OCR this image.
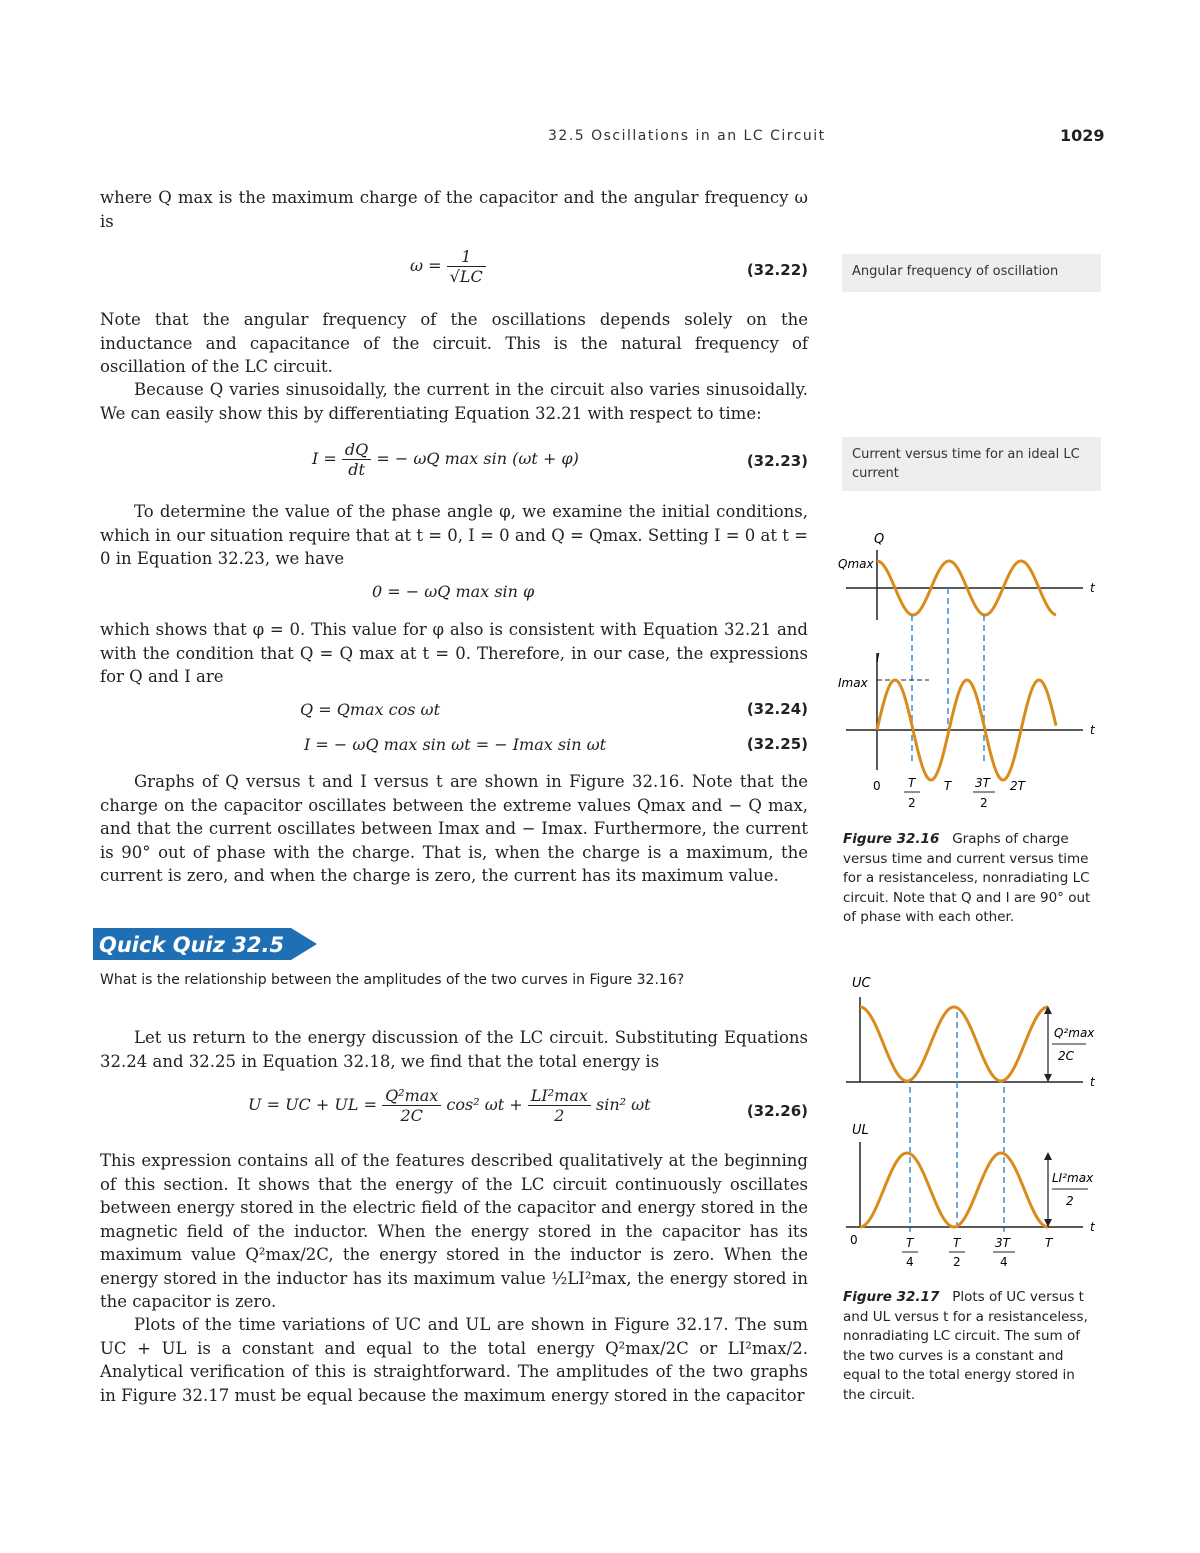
32.5 Oscillations in an LC Circuit	1029
where Q max is the maximum charge of the capacitor and the angular frequency ω is
$\omega = \frac{1}{√LC}$	(32.22)
Note that the angular frequency of the oscillations depends solely on the inductance and capacitance of the circuit. This is the natural frequency of oscillation of the LC circuit.
Because Q varies sinusoidally, the current in the circuit also varies sinusoidally. We can easily show this by differentiating Equation 32.21 with respect to time:
$I = \frac{dQ}{dt}$ = − ωQ max sin (ωt + φ)	(32.23)
To determine the value of the phase angle φ, we examine the initial conditions, which in our situation require that at t = 0, I = 0 and Q = Qmax. Setting I = 0 at t = 0 in Equation 32.23, we have
0 = − ωQ max sin φ
which shows that φ = 0. This value for φ also is consistent with Equation 32.21 and with the condition that Q = Q max at t = 0. Therefore, in our case, the expressions for Q and I are
Q = Qmax cos ωt	(32.24)
I = − ωQ max sin ωt = − Imax sin ωt	(32.25)
Graphs of Q versus t and I versus t are shown in Figure 32.16. Note that the charge on the capacitor oscillates between the extreme values Qmax and − Q max, and that the current oscillates between Imax and − Imax. Furthermore, the current is 90° out of phase with the charge. That is, when the charge is a maximum, the current is zero, and when the charge is zero, the current has its maximum value.
Quick Quiz 32.5
What is the relationship between the amplitudes of the two curves in Figure 32.16?
Let us return to the energy discussion of the LC circuit. Substituting Equations 32.24 and 32.25 in Equation 32.18, we find that the total energy is
U = UC + UL = $\frac{\text{Q²max}}{2C} \cos^2$ $\omega t + \frac{\text{LI²max}}{2} \sin^2$ ωt	(32.26)
This expression contains all of the features described qualitatively at the beginning of this section. It shows that the energy of the LC circuit continuously oscillates between energy stored in the electric field of the capacitor and energy stored in the magnetic field of the inductor. When the energy stored in the capacitor has its maximum value Q²max/2C, the energy stored in the inductor is zero. When the energy stored in the inductor has its maximum value ½LI²max, the energy stored in the capacitor is zero.
Plots of the time variations of UC and UL are shown in Figure 32.17. The sum UC + UL is a constant and equal to the total energy Q²max/2C or LI²max/2. Analytical verification of this is straightforward. The amplitudes of the two graphs in Figure 32.17 must be equal because the maximum energy stored in the capacitor
Angular frequency of oscillation
Current versus time for an ideal LC current
Q
Qmax
t
I
Imax
t
0 T
2
T 3T
2
2T
Figure 32.16 Graphs of charge versus time and current versus time for a resistanceless, nonradiating LC circuit. Note that Q and I are 90° out of phase with each other.
UC
t
Q²max
2C
UL
t
LI²max
2
0	T
4
T
2
3T
4
T
Figure 32.17 Plots of UC versus t and UL versus t for a resistanceless, nonradiating LC circuit. The sum of the two curves is a constant and equal to the total energy stored in the circuit.
